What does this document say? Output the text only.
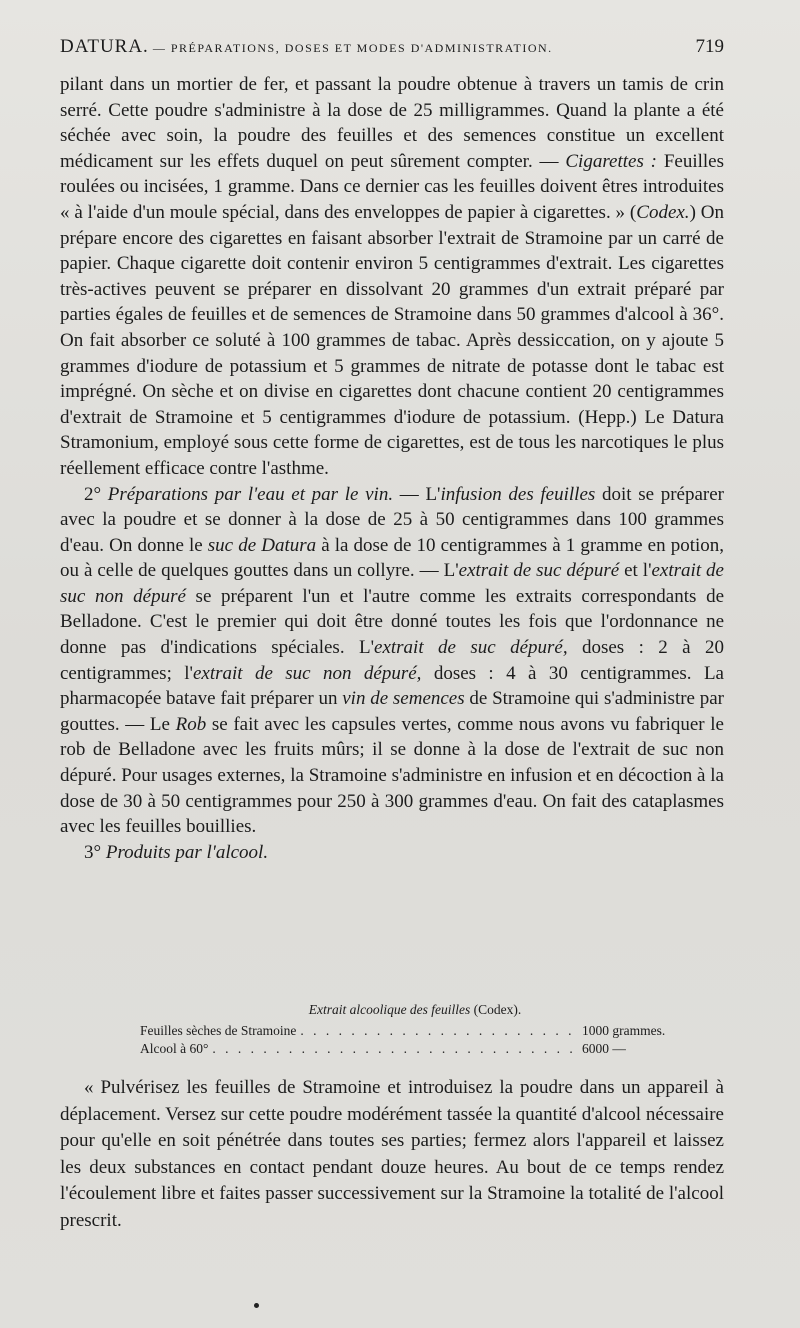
DATURA. — PRÉPARATIONS, DOSES ET MODES D'ADMINISTRATION.	719

pilant dans un mortier de fer, et passant la poudre obtenue à travers un tamis de crin serré. Cette poudre s'administre à la dose de 25 milligrammes. Quand la plante a été séchée avec soin, la poudre des feuilles et des semences constitue un excellent médicament sur les effets duquel on peut sûrement compter. — Cigarettes : Feuilles roulées ou incisées, 1 gramme. Dans ce dernier cas les feuilles doivent êtres introduites « à l'aide d'un moule spécial, dans des enveloppes de papier à cigarettes. » (Codex.) On prépare encore des cigarettes en faisant absorber l'extrait de Stramoine par un carré de papier. Chaque cigarette doit contenir environ 5 centigrammes d'extrait. Les cigarettes très-actives peuvent se préparer en dissolvant 20 grammes d'un extrait préparé par parties égales de feuilles et de semences de Stramoine dans 50 grammes d'alcool à 36°. On fait absorber ce soluté à 100 grammes de tabac. Après dessiccation, on y ajoute 5 grammes d'iodure de potassium et 5 grammes de nitrate de potasse dont le tabac est imprégné. On sèche et on divise en cigarettes dont chacune contient 20 centigrammes d'extrait de Stramoine et 5 centigrammes d'iodure de potassium. (Hepp.) Le Datura Stramonium, employé sous cette forme de cigarettes, est de tous les narcotiques le plus réellement efficace contre l'asthme.

2° Préparations par l'eau et par le vin. — L'infusion des feuilles doit se préparer avec la poudre et se donner à la dose de 25 à 50 centigrammes dans 100 grammes d'eau. On donne le suc de Datura à la dose de 10 centigrammes à 1 gramme en potion, ou à celle de quelques gouttes dans un collyre. — L'extrait de suc dépuré et l'extrait de suc non dépuré se préparent l'un et l'autre comme les extraits correspondants de Belladone. C'est le premier qui doit être donné toutes les fois que l'ordonnance ne donne pas d'indications spéciales. L'extrait de suc dépuré, doses : 2 à 20 centigrammes; l'extrait de suc non dépuré, doses : 4 à 30 centigrammes. La pharmacopée batave fait préparer un vin de semences de Stramoine qui s'administre par gouttes. — Le Rob se fait avec les capsules vertes, comme nous avons vu fabriquer le rob de Belladone avec les fruits mûrs; il se donne à la dose de l'extrait de suc non dépuré. Pour usages externes, la Stramoine s'administre en infusion et en décoction à la dose de 30 à 50 centigrammes pour 250 à 300 grammes d'eau. On fait des cataplasmes avec les feuilles bouillies.

3° Produits par l'alcool.

Extrait alcoolique des feuilles (Codex).
Feuilles sèches de Stramoine . . .	1000 grammes.
Alcool à 60° . . .	6000 —

« Pulvérisez les feuilles de Stramoine et introduisez la poudre dans un appareil à déplacement. Versez sur cette poudre modérément tassée la quantité d'alcool nécessaire pour qu'elle en soit pénétrée dans toutes ses parties; fermez alors l'appareil et laissez les deux substances en contact pendant douze heures. Au bout de ce temps rendez l'écoulement libre et faites passer successivement sur la Stramoine la totalité de l'alcool prescrit.
